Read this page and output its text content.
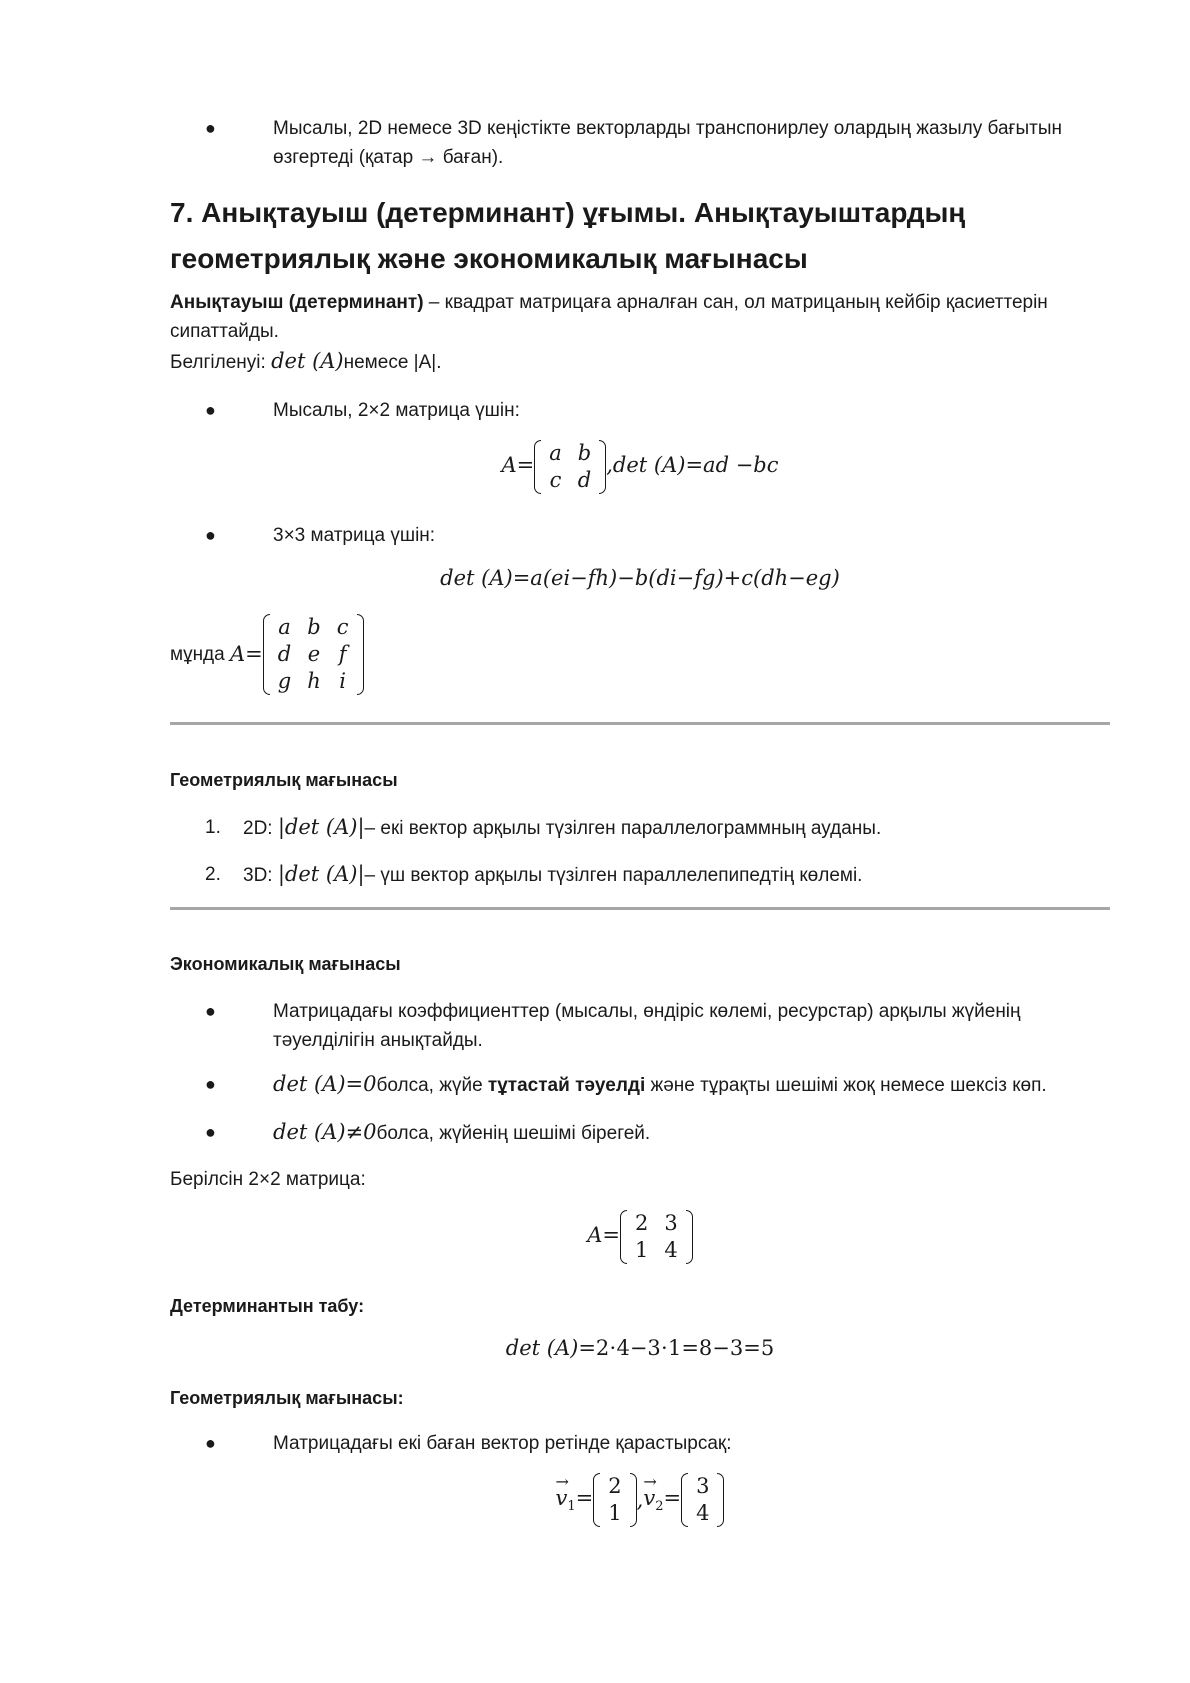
●	Мысалы, 2D немесе 3D кеңістікте векторларды транспонирлеу олардың жазылу бағытын өзгертеді (қатар → баған).
7. Анықтауыш (детерминант) ұғымы. Анықтауыштардың геометриялық және экономикалық мағынасы
Анықтауыш (детерминант) – квадрат матрицаға арналған сан, ол матрицаның кейбір қасиеттерін сипаттайды.
Белгіленуі: det (A)немесе |A|.
●	Мысалы, 2×2 матрица үшін:
A=
a	b
c	d
,det (A)=ad −bc
●	3×3 матрица үшін:
det (A)=a(ei−fh)−b(di−fg)+c(dh−eg)
мұнда A=
a	b	c
d	e	f
g	h	i
Геометриялық мағынасы
1. 2D: |det (A)|– екі вектор арқылы түзілген параллелограммның ауданы.
2. 3D: |det (A)|– үш вектор арқылы түзілген параллелепипедтің көлемі.
Экономикалық мағынасы
●	Матрицадағы коэффициенттер (мысалы, өндіріс көлемі, ресурстар) арқылы жүйенің тәуелділігін анықтайды.
●	det (A)=0болса, жүйе тұтастай тәуелді және тұрақты шешімі жоқ немесе шексіз көп.
●	det (A)≠0болса, жүйенің шешімі бірегей.
Берілсін 2×2 матрица:
A=
2	3
1	4
Детерминантын табу:
det (A)=2⋅4−3⋅1=8−3=5
Геометриялық мағынасы:
●	Матрицадағы екі баған вектор ретінде қарастырсақ:
v
→
$_1$= 2
1
,v
→
$_2$= 3
4
